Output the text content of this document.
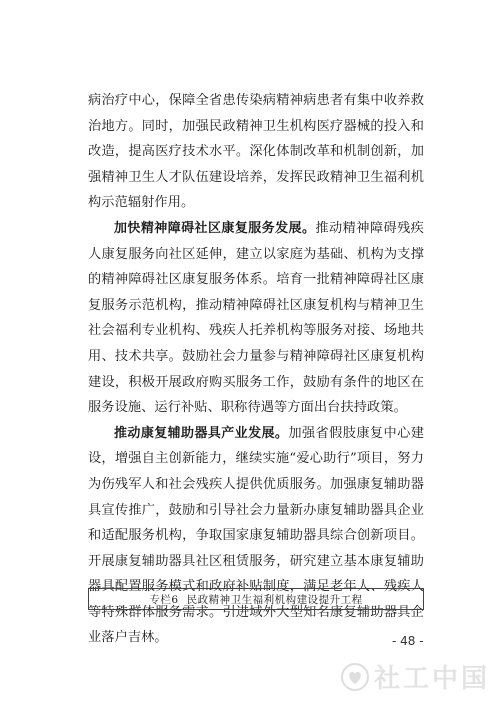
病治疗中心，保障全省患传染病精神病患者有集中收养救治地方。同时，加强民政精神卫生机构医疗器械的投入和改造，提高医疗技术水平。深化体制改革和机制创新，加强精神卫生人才队伍建设培养，发挥民政精神卫生福利机构示范辐射作用。

加快精神障碍社区康复服务发展。推动精神障碍残疾人康复服务向社区延伸，建立以家庭为基础、机构为支撑的精神障碍社区康复服务体系。培育一批精神障碍社区康复服务示范机构，推动精神障碍社区康复机构与精神卫生社会福利专业机构、残疾人托养机构等服务对接、场地共用、技术共享。鼓励社会力量参与精神障碍社区康复机构建设，积极开展政府购买服务工作，鼓励有条件的地区在服务设施、运行补贴、职称待遇等方面出台扶持政策。

推动康复辅助器具产业发展。加强省假肢康复中心建设，增强自主创新能力，继续实施“爱心助行”项目，努力为伤残军人和社会残疾人提供优质服务。加强康复辅助器具宣传推广，鼓励和引导社会力量新办康复辅助器具企业和适配服务机构，争取国家康复辅助器具综合创新项目。开展康复辅助器具社区租赁服务，研究建立基本康复辅助器具配置服务模式和政府补贴制度，满足老年人、残疾人等特殊群体服务需求。引进域外大型知名康复辅助器具企业落户吉林。

专栏6 民政精神卫生福利机构建设提升工程
- 48 -
社工中国
